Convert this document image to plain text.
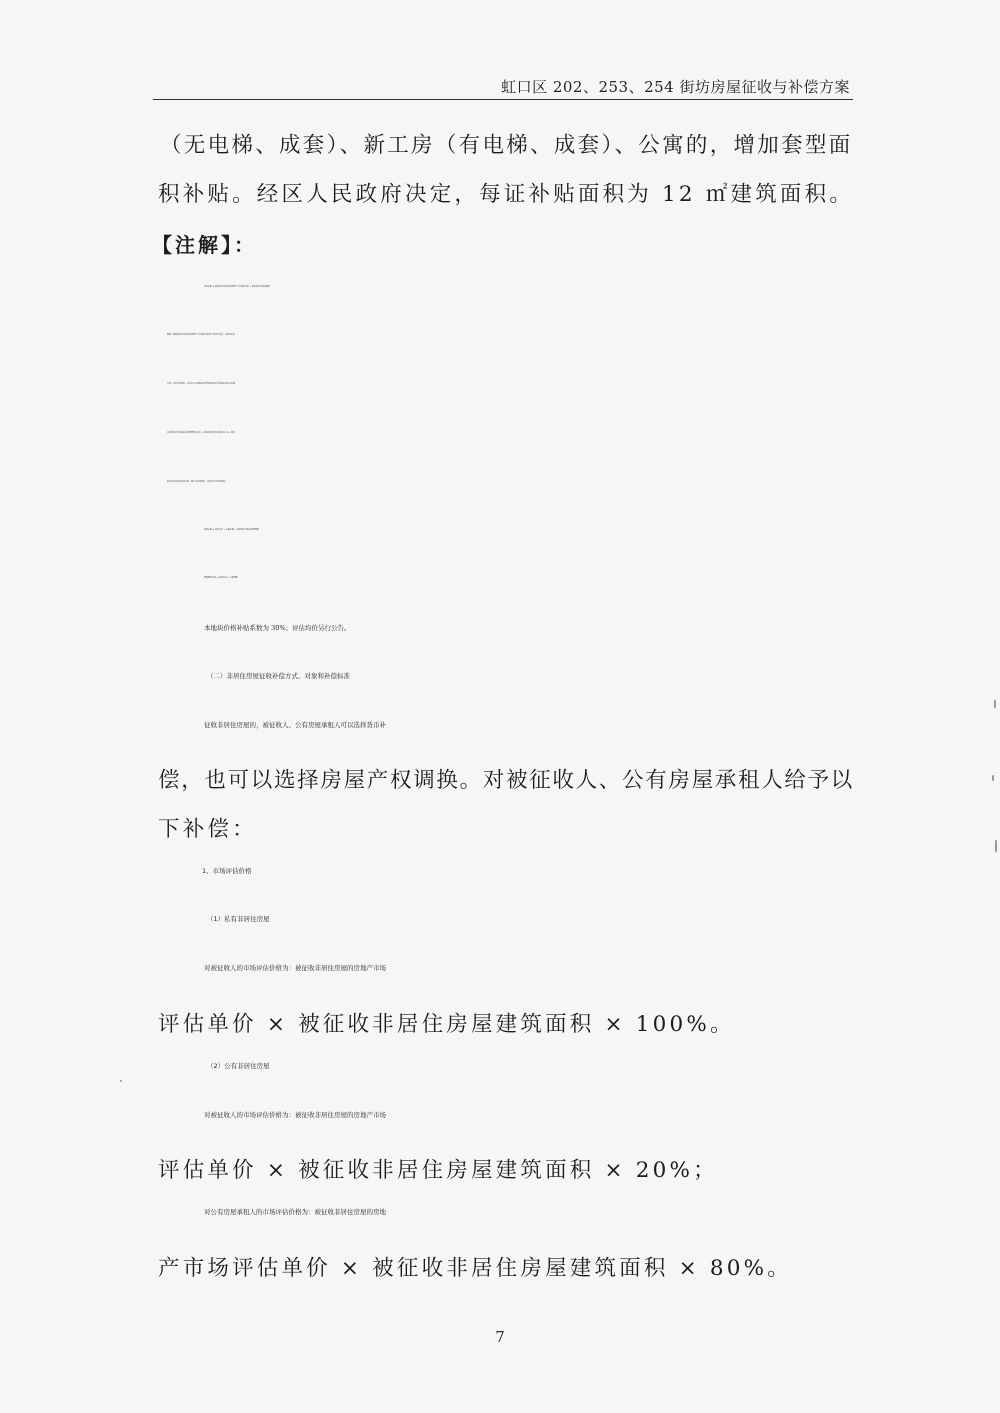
虹口区 202、253、254 街坊房屋征收与补偿方案
（无电梯、成套）、新工房（有电梯、成套）、公寓的，增加套型面
积补贴。经区人民政府决定，每证补贴面积为 12 ㎡建筑面积。
【注解】：
评估价格 = 被征收居住房屋的房地产市场评估单价 × 被征收居住房屋建筑
面积（如被征收居住房屋的房地产市场评估单价低于评估均价的，按评估均价
计算。评估均价标准，由评估公司将地块内所有被征收居住房屋的评估总价除
以被征收居住房屋的总建筑面积后得出，由房屋征收部门在地块内公布。被征
收居住房屋评估价经复核、鉴定后有变动的，评估均价不受其影响）。
价格补贴 = 评估均价 × 补贴系数 × 被征收居住房屋建筑面积
套型面积补贴 = 评估均价 × 补贴面积
本地块价格补贴系数为 30%；评估均价另行公告。
（二）非居住房屋征收补偿方式、对象和补偿标准
征收非居住房屋的，被征收人、公有房屋承租人可以选择货币补
偿，也可以选择房屋产权调换。对被征收人、公有房屋承租人给予以
下补偿：
1、市场评估价格
（1）私有非居住房屋
对被征收人的市场评估价格为：被征收非居住房屋的房地产市场
评估单价 × 被征收非居住房屋建筑面积 × 100%。
（2）公有非居住房屋
对被征收人的市场评估价格为：被征收非居住房屋的房地产市场
评估单价 × 被征收非居住房屋建筑面积 × 20%；
对公有房屋承租人的市场评估价格为：被征收非居住房屋的房地
产市场评估单价 × 被征收非居住房屋建筑面积 × 80%。
7
